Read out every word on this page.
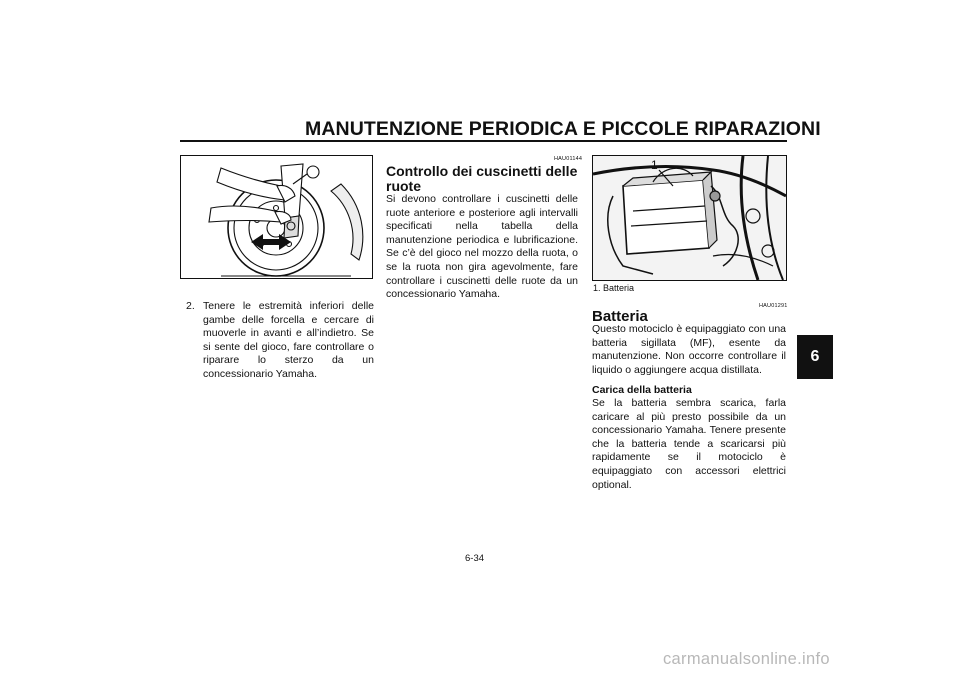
MANUTENZIONE PERIODICA E PICCOLE RIPARAZIONI
6
1
1. Batteria
2. Tenere le estremità inferiori delle gambe delle forcella e cercare di muoverle in avanti e all’indietro. Se si sente del gioco, fare controllare o riparare lo sterzo da un concessionario Yamaha.
HAU01144
Controllo dei cuscinetti delle ruote
Si devono controllare i cuscinetti delle ruote anteriore e posteriore agli intervalli specificati nella tabella della manutenzione periodica e lubrificazione. Se c’è del gioco nel mozzo della ruota, o se la ruota non gira agevolmente, fare controllare i cuscinetti delle ruote da un concessionario Yamaha.
HAU01291
Batteria
Questo motociclo è equipaggiato con una batteria sigillata (MF), esente da manutenzione. Non occorre controllare il liquido o aggiungere acqua distillata.
Carica della batteria
Se la batteria sembra scarica, farla caricare al più presto possibile da un concessionario Yamaha. Tenere presente che la batteria tende a scaricarsi più rapidamente se il motociclo è equipaggiato con accessori elettrici optional.
6-34
carmanualsonline.info
